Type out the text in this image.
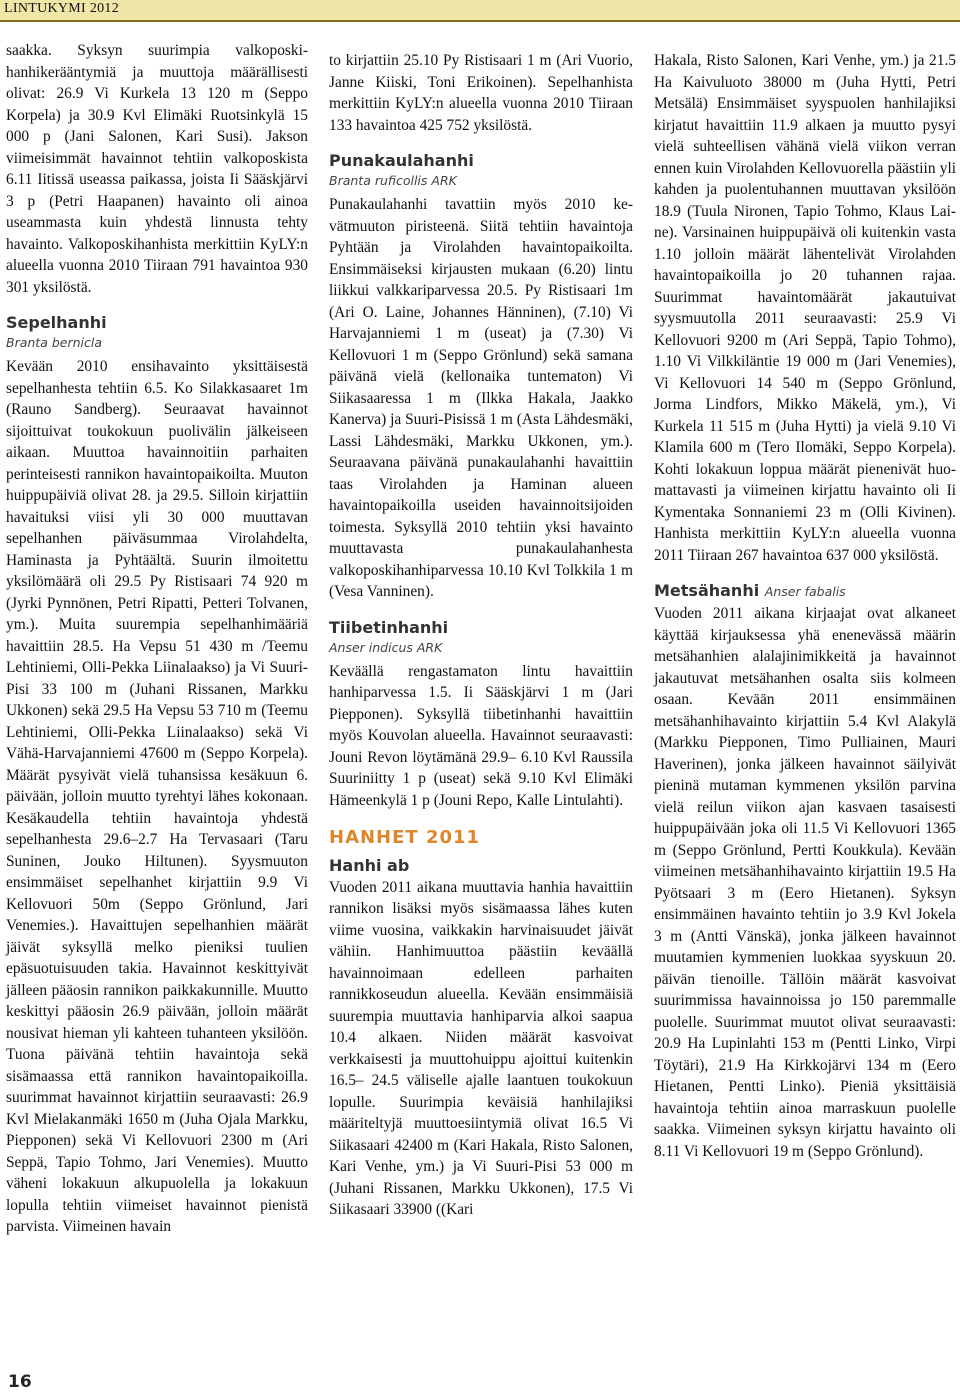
LINTUKYMI 2012

saakka. Syksyn suurimpia valkoposkihanhikerääntymiä ja muuttoja määrällisesti olivat: 26.9 Vi Kurkela 13 120 m (Seppo Korpela) ja 30.9 Kvl Elimäki Ruotsinkylä 15 000 p (Jani Salonen, Kari Susi). Jakson viimeisimmät havainnot tehtiin valkoposkista 6.11 Iitissä useassa paikassa, joista Ii Sääskjärvi 3 p (Petri Haapanen) havainto oli ainoa useammasta kuin yhdestä linnusta tehty havainto. Valkoposkihanhista merkittiin KyLY:n alueella vuonna 2010 Tiiraan 791 havaintoa 930 301 yksilöstä.

Sepelhanhi
Branta bernicla

Kevään 2010 ensihavainto yksittäisestä sepelhanhesta tehtiin 6.5. Ko Silakkasaaret 1m (Rauno Sandberg). Seuraavat havainnot sijoittuivat toukokuun puolivälin jälkeiseen aikaan. Muuttoa havainnoitiin parhaiten perinteisesti rannikon havaintopaikoilta. Muuton huippupäiviä olivat 28. ja 29.5. Silloin kirjattiin havaituksi viisi yli 30 000 muuttavan sepelhanhen päiväsummaa Virolahdelta, Haminasta ja Pyhtäältä. Suurin ilmoitettu yksilömäärä oli 29.5 Py Ristisaari 74 920 m (Jyrki Pynnönen, Petri Ripatti, Petteri Tolvanen, ym.). Muita suurempia sepelhanhimääriä havaittiin 28.5. Ha Vepsu 51 430 m /Teemu Lehtiniemi, Olli-Pekka Liinalaakso) ja Vi Suuri-Pisi 33 100 m (Juhani Rissanen, Markku Ukkonen) sekä 29.5 Ha Vepsu 53 710 m (Teemu Lehtiniemi, Olli-Pekka Liinalaakso) sekä Vi Vähä-Harvajanniemi 47600 m (Seppo Korpela). Määrät pysyivät vielä tuhansissa kesäkuun 6. päivään, jolloin muutto tyrehtyi lähes kokonaan. Kesäkaudella tehtiin havaintoja yhdestä sepelhanhesta 29.6–2.7 Ha Tervasaari (Taru Suninen, Jouko Hiltunen). Syysmuuton ensimmäiset sepelhanhet kirjattiin 9.9 Vi Kellovuori 50m (Seppo Grönlund, Jari Venemies.). Havaittujen sepelhanhien määrät jäivät syksyllä melko pieniksi tuulien epäsuotuisuuden takia. Havainnot keskittyivät jälleen pääosin rannikon paikkakunnille. Muutto keskittyi pääosin 26.9 päivään, jolloin määrät nousivat hieman yli kahteen tuhanteen yksilöön. Tuona päivänä tehtiin havaintoja sekä sisämaassa että rannikon havaintopaikoilla. suurimmat havainnot kirjattiin seuraavasti: 26.9 Kvl Mielakanmäki 1650 m (Juha Ojala Markku, Piepponen) sekä Vi Kellovuori 2300 m (Ari Seppä, Tapio Tohmo, Jari Venemies). Muutto väheni lokakuun alkupuolella ja lokakuun lopulla tehtiin viimeiset havainnot pienistä parvista. Viimeinen havain

to kirjattiin 25.10 Py Ristisaari 1 m (Ari Vuorio, Janne Kiiski, Toni Erikoinen). Sepelhanhista merkittiin KyLY:n alueella vuonna 2010 Tiiraan 133 havaintoa 425 752 yksilöstä.

Punakaulahanhi
Branta ruficollis ARK

Punakaulahanhi tavattiin myös 2010 kevätmuuton piristeenä. Siitä tehtiin havaintoja Pyhtään ja Virolahden havaintopaikoilta. Ensimmäiseksi kirjausten mukaan (6.20) lintu liikkui valkkariparvessa 20.5. Py Ristisaari 1m (Ari O. Laine, Johannes Hänninen), (7.10) Vi Harvajanniemi 1 m (useat) ja (7.30) Vi Kellovuori 1 m (Seppo Grönlund) sekä samana päivänä vielä (kellonaika tuntematon) Vi Siikasaaressa 1 m (Ilkka Hakala, Jaakko Kanerva) ja Suuri-Pisissä 1 m (Asta Lähdesmäki, Lassi Lähdesmäki, Markku Ukkonen, ym.). Seuraavana päivänä punakaulahanhi havaittiin taas Virolahden ja Haminan alueen havaintopaikoilla useiden havainnoitsijoiden toimesta. Syksyllä 2010 tehtiin yksi havainto muuttavasta punakaulahanhesta valkoposkihanhiparvessa 10.10 Kvl Tolkkila 1 m (Vesa Vanninen).

Tiibetinhanhi
Anser indicus ARK

Keväällä rengastamaton lintu havaittiin hanhiparvessa 1.5. Ii Sääskjärvi 1 m (Jari Piepponen). Syksyllä tiibetinhanhi havaittiin myös Kouvolan alueella. Havainnot seuraavasti: Jouni Revon löytämänä 29.9– 6.10 Kvl Raussila Suuriniitty 1 p (useat) sekä 9.10 Kvl Elimäki Hämeenkylä 1 p (Jouni Repo, Kalle Lintulahti).

HANHET 2011
Hanhi ab

Vuoden 2011 aikana muuttavia hanhia havaittiin rannikon lisäksi myös sisämaassa lähes kuten viime vuosina, vaikkakin harvinaisuudet jäivät vähiin. Hanhimuuttoa päästiin keväällä havainnoimaan edelleen parhaiten rannikkoseudun alueella. Kevään ensimmäisiä suurempia muuttavia hanhiparvia alkoi saapua 10.4 alkaen. Niiden määrät kasvoivat verkkaisesti ja muuttohuippu ajoittui kuitenkin 16.5– 24.5 väliselle ajalle laantuen toukokuun lopulle. Suurimpia keväisiä hanhilajiksi määriteltyjä muuttoesiintymiä olivat 16.5 Vi Siikasaari 42400 m (Kari Hakala, Risto Salonen, Kari Venhe, ym.) ja Vi Suuri-Pisi 53 000 m (Juhani Rissanen, Markku Ukkonen), 17.5 Vi Siikasaari 33900 ((Kari

Hakala, Risto Salonen, Kari Venhe, ym.) ja 21.5 Ha Kaivuluoto 38000 m (Juha Hytti, Petri Metsälä) Ensimmäiset syyspuolen hanhilajiksi kirjatut havaittiin 11.9 alkaen ja muutto pysyi vielä suhteellisen vähänä vielä viikon verran ennen kuin Virolahden Kellovuorella päästiin yli kahden ja puolentuhannen muuttavan yksilöön 18.9 (Tuula Nironen, Tapio Tohmo, Klaus Laine). Varsinainen huippupäivä oli kuitenkin vasta 1.10 jolloin määrät lähentelivät Virolahden havaintopaikoilla jo 20 tuhannen rajaa. Suurimmat havaintomäärät jakautuivat syysmuutolla 2011 seuraavasti: 25.9 Vi Kellovuori 9200 m (Ari Seppä, Tapio Tohmo), 1.10 Vi Vilkkiläntie 19 000 m (Jari Venemies), Vi Kellovuori 14 540 m (Seppo Grönlund, Jorma Lindfors, Mikko Mäkelä, ym.), Vi Kurkela 11 515 m (Juha Hytti) ja vielä 9.10 Vi Klamila 600 m (Tero Ilomäki, Seppo Korpela). Kohti lokakuun loppua määrät pienenivät huomattavasti ja viimeinen kirjattu havainto oli Ii Kymentaka Sonnaniemi 23 m (Olli Kivinen). Hanhista merkittiin KyLY:n alueella vuonna 2011 Tiiraan 267 havaintoa 637 000 yksilöstä.

Metsähanhi Anser fabalis

Vuoden 2011 aikana kirjaajat ovat alkaneet käyttää kirjauksessa yhä enenevässä määrin metsähanhien alalajinimikkeitä ja havainnot jakautuvat metsähanhen osalta siis kolmeen osaan. Kevään 2011 ensimmäinen metsähanhihavainto kirjattiin 5.4 Kvl Alakylä (Markku Piepponen, Timo Pulliainen, Mauri Haverinen), jonka jälkeen havainnot säilyivät pieninä mutaman kymmenen yksilön parvina vielä reilun viikon ajan kasvaen tasaisesti huippupäivään joka oli 11.5 Vi Kellovuori 1365 m (Seppo Grönlund, Pertti Koukkula). Kevään viimeinen metsähanhihavainto kirjattiin 19.5 Ha Pyötsaari 3 m (Eero Hietanen). Syksyn ensimmäinen havainto tehtiin jo 3.9 Kvl Jokela 3 m (Antti Vänskä), jonka jälkeen havainnot muutamien kymmenien luokkaa syyskuun 20. päivän tienoille. Tällöin määrät kasvoivat suurimmissa havainnoissa jo 150 paremmalle puolelle. Suurimmat muutot olivat seuraavasti: 20.9 Ha Lupinlahti 153 m (Pentti Linko, Virpi Töytäri), 21.9 Ha Kirkkojärvi 134 m (Eero Hietanen, Pentti Linko). Pieniä yksittäisiä havaintoja tehtiin ainoa marraskuun puolelle saakka. Viimeinen syksyn kirjattu havainto oli 8.11 Vi Kellovuori 19 m (Seppo Grönlund).

16
